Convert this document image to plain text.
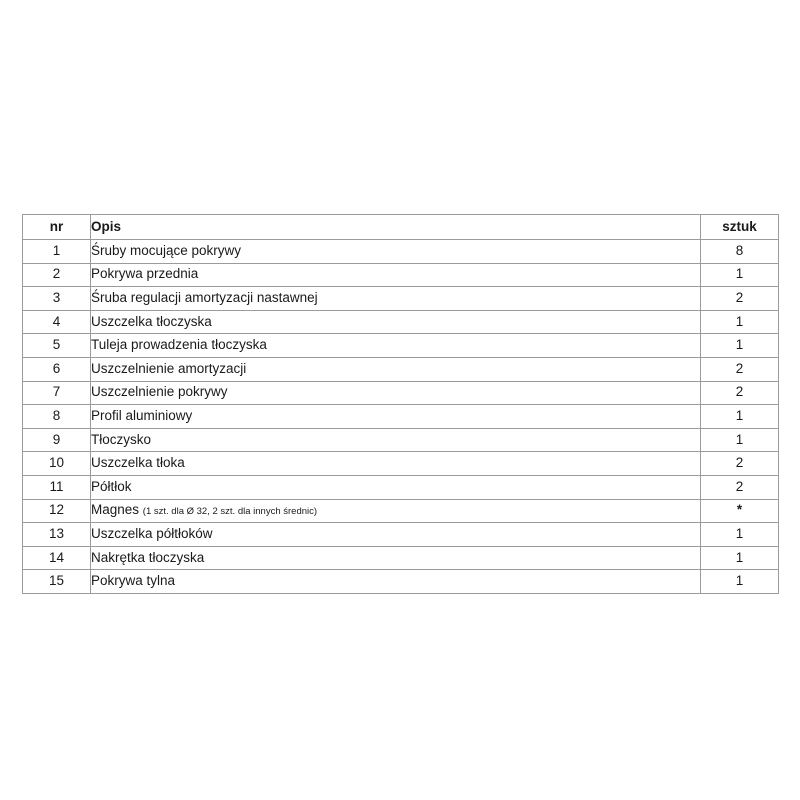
nr	Opis	sztuk
1	Śruby mocujące pokrywy	8
2	Pokrywa przednia	1
3	Śruba regulacji amortyzacji nastawnej	2
4	Uszczelka tłoczyska	1
5	Tuleja prowadzenia tłoczyska	1
6	Uszczelnienie amortyzacji	2
7	Uszczelnienie pokrywy	2
8	Profil aluminiowy	1
9	Tłoczysko	1
10	Uszczelka tłoka	2
11	Półtłok	2
12	Magnes (1 szt. dla Ø 32, 2 szt. dla innych średnic)	*
13	Uszczelka półtłoków	1
14	Nakrętka tłoczyska	1
15	Pokrywa tylna	1
